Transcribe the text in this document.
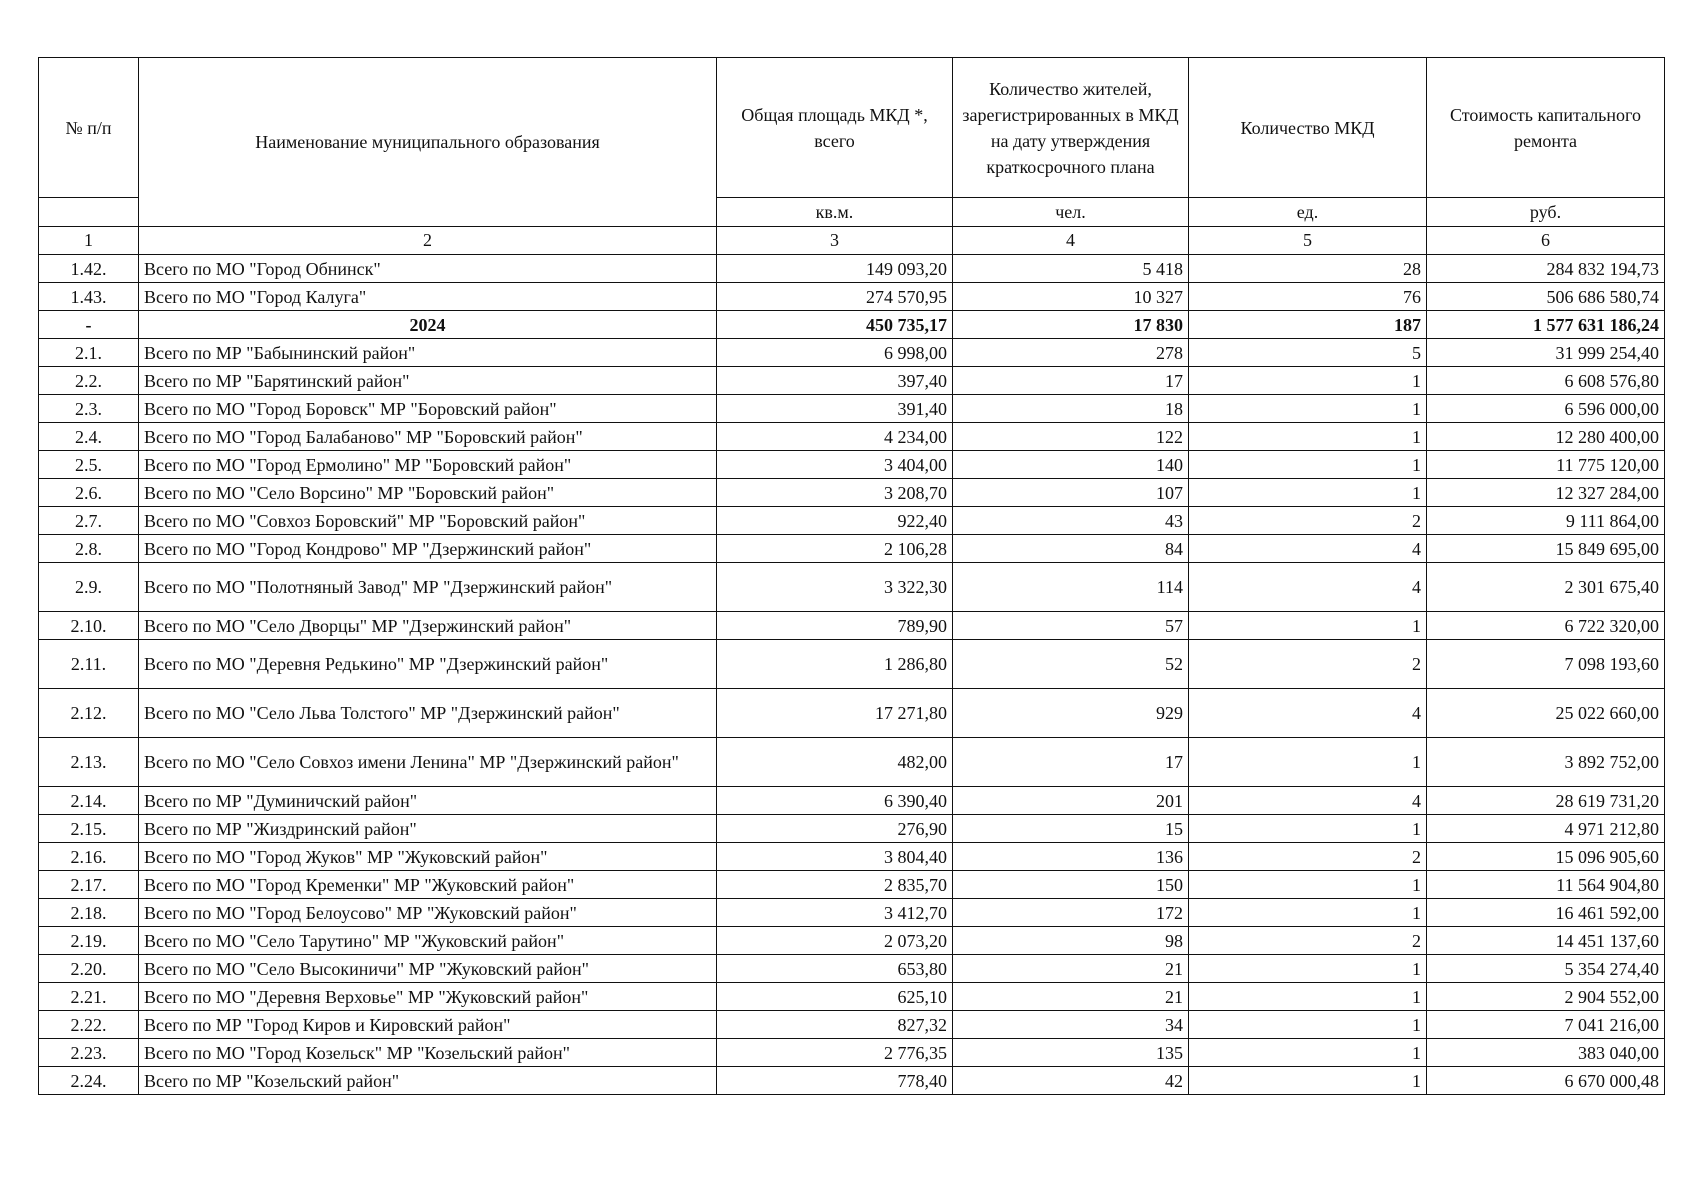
№ п/п	Наименование муниципального образования	Общая площадь МКД *, всего	Количество жителей, зарегистрированных в МКД на дату утверждения краткосрочного плана	Количество МКД	Стоимость капитального ремонта
		кв.м.	чел.	ед.	руб.
1	2	3	4	5	6
1.42.	Всего по МО "Город Обнинск"	149 093,20	5 418	28	284 832 194,73
1.43.	Всего по МО "Город Калуга"	274 570,95	10 327	76	506 686 580,74
-	2024	450 735,17	17 830	187	1 577 631 186,24
2.1.	Всего по МР "Бабынинский район"	6 998,00	278	5	31 999 254,40
2.2.	Всего по МР "Барятинский район"	397,40	17	1	6 608 576,80
2.3.	Всего по МО "Город Боровск" МР "Боровский район"	391,40	18	1	6 596 000,00
2.4.	Всего по МО "Город Балабаново" МР "Боровский район"	4 234,00	122	1	12 280 400,00
2.5.	Всего по МО "Город Ермолино" МР "Боровский район"	3 404,00	140	1	11 775 120,00
2.6.	Всего по МО "Село Ворсино" МР "Боровский район"	3 208,70	107	1	12 327 284,00
2.7.	Всего по МО "Совхоз Боровский" МР "Боровский район"	922,40	43	2	9 111 864,00
2.8.	Всего по МО "Город Кондрово" МР "Дзержинский район"	2 106,28	84	4	15 849 695,00
2.9.	Всего по МО "Полотняный Завод" МР "Дзержинский район"	3 322,30	114	4	2 301 675,40
2.10.	Всего по МО "Село Дворцы" МР "Дзержинский район"	789,90	57	1	6 722 320,00
2.11.	Всего по МО "Деревня Редькино" МР "Дзержинский район"	1 286,80	52	2	7 098 193,60
2.12.	Всего по МО "Село Льва Толстого" МР "Дзержинский район"	17 271,80	929	4	25 022 660,00
2.13.	Всего по МО "Село Совхоз имени Ленина" МР "Дзержинский район"	482,00	17	1	3 892 752,00
2.14.	Всего по МР "Думиничский район"	6 390,40	201	4	28 619 731,20
2.15.	Всего по МР "Жиздринский район"	276,90	15	1	4 971 212,80
2.16.	Всего по МО "Город Жуков" МР "Жуковский район"	3 804,40	136	2	15 096 905,60
2.17.	Всего по МО "Город Кременки" МР "Жуковский район"	2 835,70	150	1	11 564 904,80
2.18.	Всего по МО "Город Белоусово" МР "Жуковский район"	3 412,70	172	1	16 461 592,00
2.19.	Всего по МО "Село Тарутино" МР "Жуковский район"	2 073,20	98	2	14 451 137,60
2.20.	Всего по МО "Село Высокиничи" МР "Жуковский район"	653,80	21	1	5 354 274,40
2.21.	Всего по МО "Деревня Верховье" МР "Жуковский район"	625,10	21	1	2 904 552,00
2.22.	Всего по МР "Город Киров и Кировский район"	827,32	34	1	7 041 216,00
2.23.	Всего по МО "Город Козельск" МР "Козельский район"	2 776,35	135	1	383 040,00
2.24.	Всего по МР "Козельский район"	778,40	42	1	6 670 000,48
